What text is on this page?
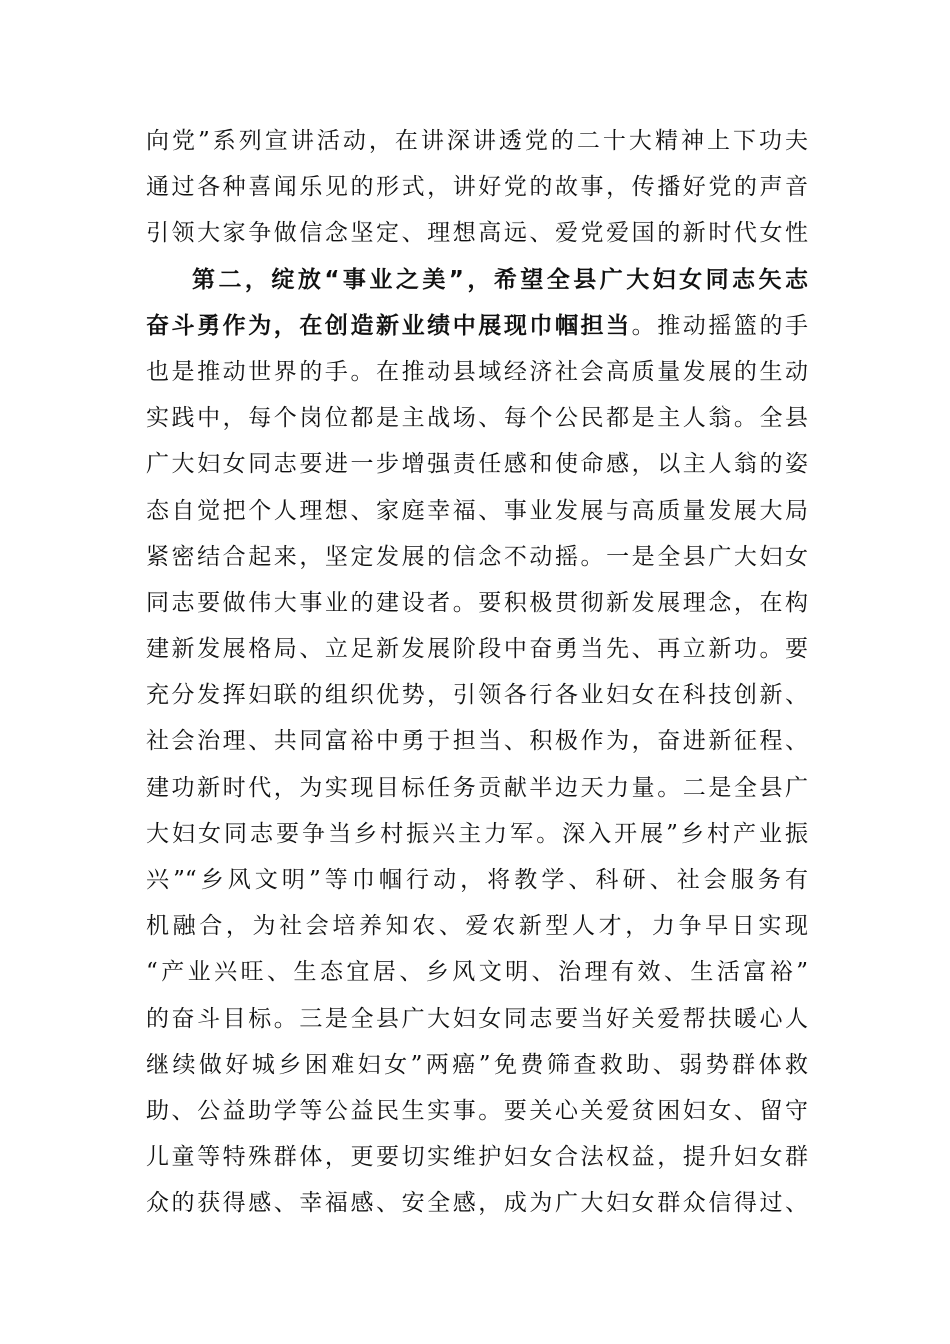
向党”系列宣讲活动，在讲深讲透党的二十大精神上下功夫
通过各种喜闻乐见的形式，讲好党的故事，传播好党的声音
引领大家争做信念坚定、理想高远、爱党爱国的新时代女性
第二，绽放“事业之美”，希望全县广大妇女同志矢志
奋斗勇作为，在创造新业绩中展现巾帼担当。推动摇篮的手
也是推动世界的手。在推动县域经济社会高质量发展的生动
实践中，每个岗位都是主战场、每个公民都是主人翁。全县
广大妇女同志要进一步增强责任感和使命感，以主人翁的姿
态自觉把个人理想、家庭幸福、事业发展与高质量发展大局
紧密结合起来，坚定发展的信念不动摇。一是全县广大妇女
同志要做伟大事业的建设者。要积极贯彻新发展理念，在构
建新发展格局、立足新发展阶段中奋勇当先、再立新功。要
充分发挥妇联的组织优势，引领各行各业妇女在科技创新、
社会治理、共同富裕中勇于担当、积极作为，奋进新征程、
建功新时代，为实现目标任务贡献半边天力量。二是全县广
大妇女同志要争当乡村振兴主力军。深入开展”乡村产业振
兴”“乡风文明”等巾帼行动，将教学、科研、社会服务有
机融合，为社会培养知农、爱农新型人才，力争早日实现
“产业兴旺、生态宜居、乡风文明、治理有效、生活富裕”
的奋斗目标。三是全县广大妇女同志要当好关爱帮扶暖心人
继续做好城乡困难妇女”两癌”免费筛查救助、弱势群体救
助、公益助学等公益民生实事。要关心关爱贫困妇女、留守
儿童等特殊群体，更要切实维护妇女合法权益，提升妇女群
众的获得感、幸福感、安全感，成为广大妇女群众信得过、
